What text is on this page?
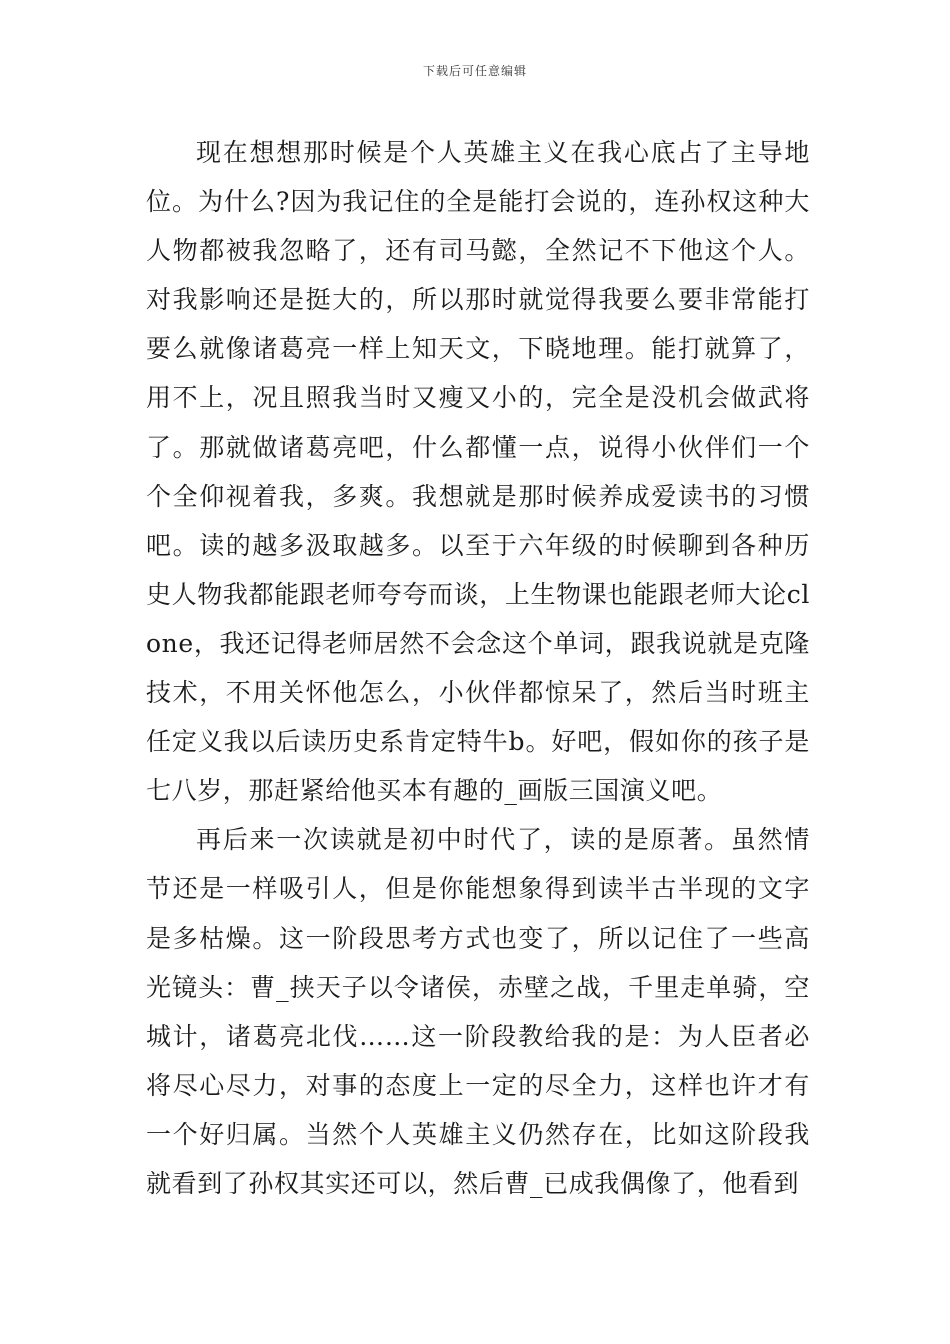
下载后可任意编辑

现在想想那时候是个人英雄主义在我心底占了主导地位。为什么?因为我记住的全是能打会说的，连孙权这种大人物都被我忽略了，还有司马懿，全然记不下他这个人。对我影响还是挺大的，所以那时就觉得我要么要非常能打要么就像诸葛亮一样上知天文，下晓地理。能打就算了，用不上，况且照我当时又瘦又小的，完全是没机会做武将了。那就做诸葛亮吧，什么都懂一点，说得小伙伴们一个个全仰视着我，多爽。我想就是那时候养成爱读书的习惯吧。读的越多汲取越多。以至于六年级的时候聊到各种历史人物我都能跟老师夸夸而谈，上生物课也能跟老师大论clone，我还记得老师居然不会念这个单词，跟我说就是克隆技术，不用关怀他怎么，小伙伴都惊呆了，然后当时班主任定义我以后读历史系肯定特牛b。好吧，假如你的孩子是七八岁，那赶紧给他买本有趣的_画版三国演义吧。

再后来一次读就是初中时代了，读的是原著。虽然情节还是一样吸引人，但是你能想象得到读半古半现的文字是多枯燥。这一阶段思考方式也变了，所以记住了一些高光镜头：曹_挟天子以令诸侯，赤壁之战，千里走单骑，空城计，诸葛亮北伐……这一阶段教给我的是：为人臣者必将尽心尽力，对事的态度上一定的尽全力，这样也许才有一个好归属。当然个人英雄主义仍然存在，比如这阶段我就看到了孙权其实还可以，然后曹_已成我偶像了，他看到
